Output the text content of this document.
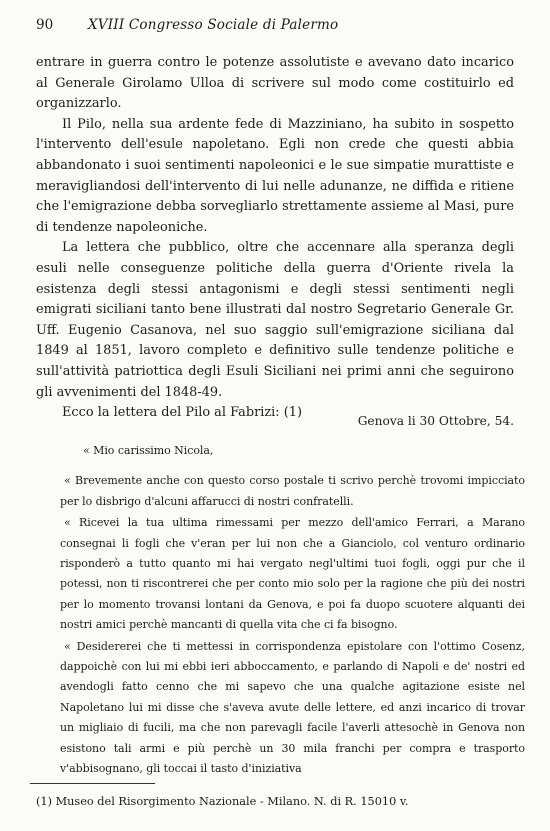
90	XVIII Congresso Sociale di Palermo

entrare in guerra contro le potenze assolutiste e avevano dato incarico al Generale Girolamo Ulloa di scrivere sul modo come costituirlo ed organizzarlo.

Il Pilo, nella sua ardente fede di Mazziniano, ha subito in sospetto l'intervento dell'esule napoletano. Egli non crede che questi abbia abbandonato i suoi sentimenti napoleonici e le sue simpatie murattiste e meravigliandosi dell'intervento di lui nelle adunanze, ne diffida e ritiene che l'emigrazione debba sorvegliarlo strettamente assieme al Masi, pure di tendenze napoleoniche.

La lettera che pubblico, oltre che accennare alla speranza degli esuli nelle conseguenze politiche della guerra d'Oriente rivela la esistenza degli stessi antagonismi e degli stessi sentimenti negli emigrati siciliani tanto bene illustrati dal nostro Segretario Generale Gr. Uff. Eugenio Casanova, nel suo saggio sull'emigrazione siciliana dal 1849 al 1851, lavoro completo e definitivo sulle tendenze politiche e sull'attività patriottica degli Esuli Siciliani nei primi anni che seguirono gli avvenimenti del 1848-49.

Ecco la lettera del Pilo al Fabrizi: (1)

Genova li 30 Ottobre, 54.

« Mio carissimo Nicola,

« Brevemente anche con questo corso postale ti scrivo perchè trovomi impicciato per lo disbrigo d'alcuni affarucci di nostri confratelli.

« Ricevei la tua ultima rimessami per mezzo dell'amico Ferrari, a Marano consegnai li fogli che v'eran per lui non che a Gianciolo, col venturo ordinario risponderò a tutto quanto mi hai vergato negl'ultimi tuoi fogli, oggi pur che il potessi, non ti riscontrerei che per conto mio solo per la ragione che più dei nostri per lo momento trovansi lontani da Genova, e poi fa duopo scuotere alquanti dei nostri amici perchè mancanti di quella vita che ci fa bisogno.

« Desidererei che ti mettessi in corrispondenza epistolare con l'ottimo Cosenz, dappoichè con lui mi ebbi ieri abboccamento, e parlando di Napoli e de' nostri ed avendogli fatto cenno che mi sapevo che una qualche agitazione esiste nel Napoletano lui mi disse che s'aveva avute delle lettere, ed anzi incarico di trovar un migliaio di fucili, ma che non parevagli facile l'averli attesochè in Genova non esistono tali armi e più perchè un 30 mila franchi per compra e trasporto v'abbisognano, gli toccai il tasto d'iniziativa

(1) Museo del Risorgimento Nazionale - Milano. N. di R. 15010 v.
